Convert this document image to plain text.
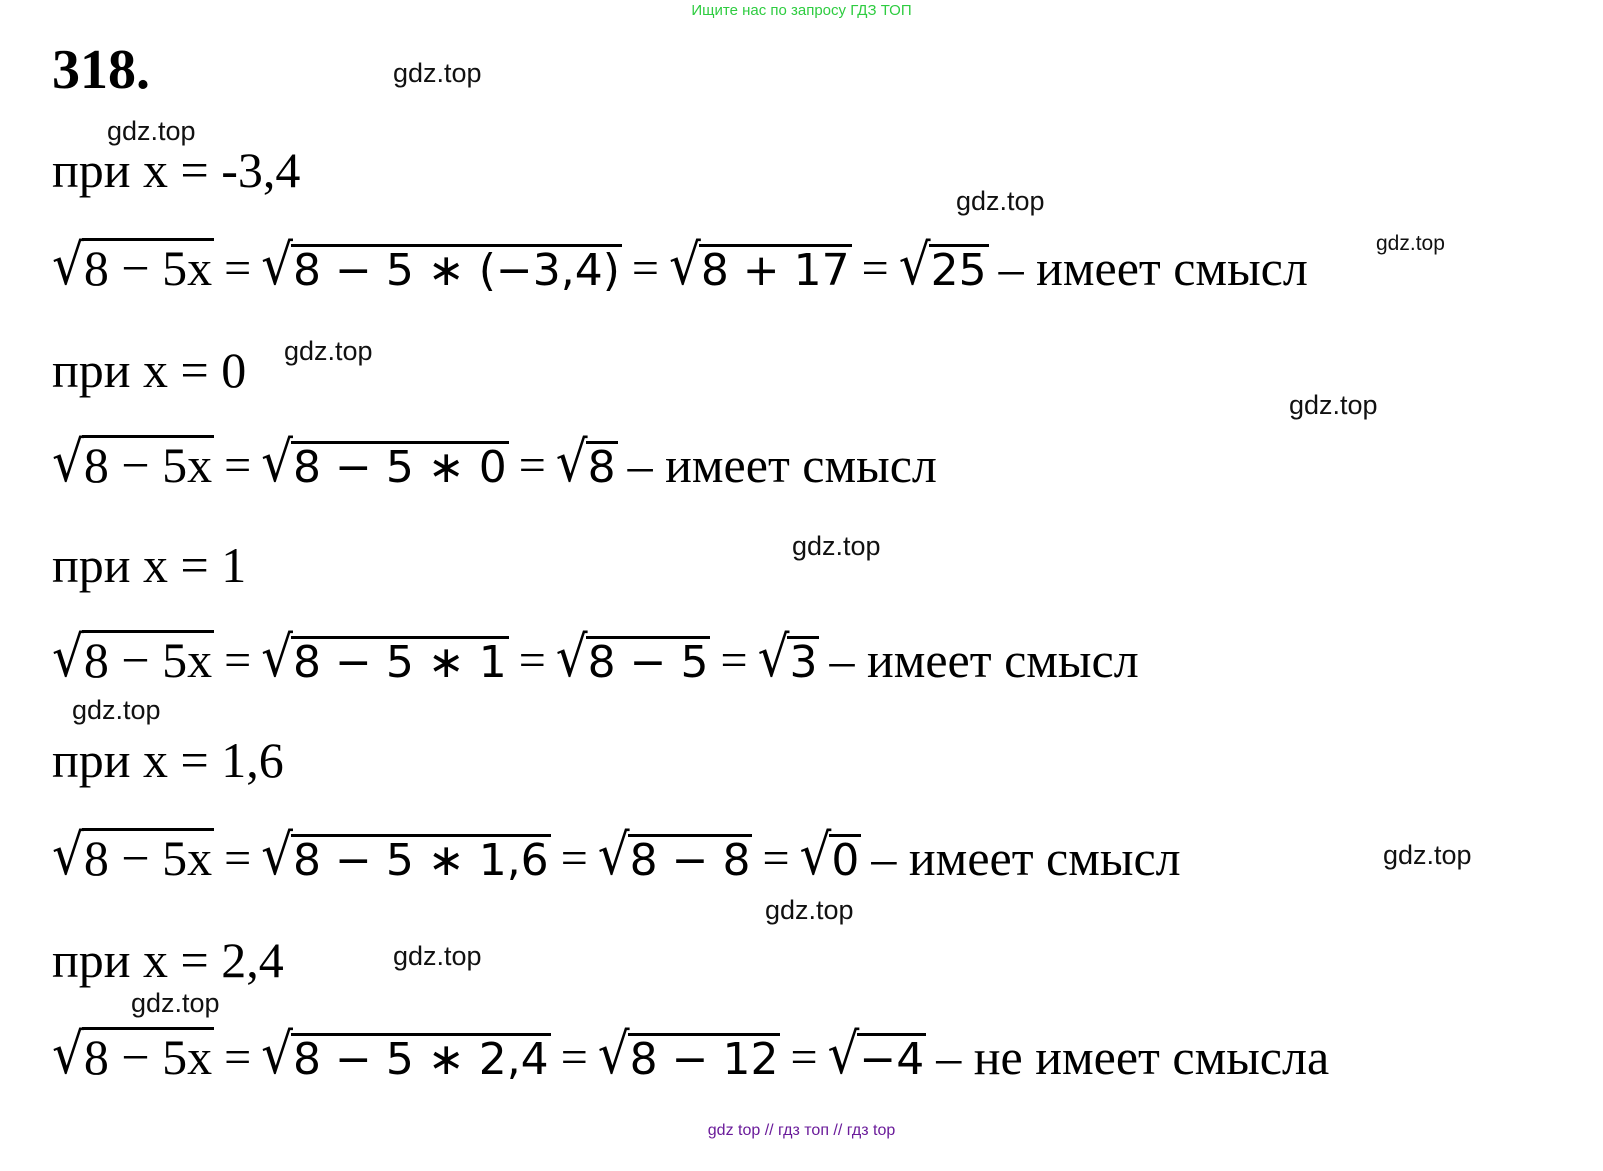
Ищите нас по запросу ГДЗ ТОП
318.	gdz.top
gdz.top
gdz.top
gdz.top
gdz.top
gdz.top
gdz.top
gdz.top
gdz.top
gdz.top
gdz.top
gdz.top
при x = -3,4
√ 8 − 5x = √ 8 − 5 ∗ (−3,4) = √ 8 + 17 = √ 25 – имеет смысл
при x = 0
√ 8 − 5x = √ 8 − 5 ∗ 0 = √ 8 – имеет смысл
при x = 1
√ 8 − 5x = √ 8 − 5 ∗ 1 = √ 8 − 5 = √ 3 – имеет смысл
при x = 1,6
√ 8 − 5x = √ 8 − 5 ∗ 1,6 = √ 8 − 8 = √ 0 – имеет смысл
при x = 2,4
√ 8 − 5x = √ 8 − 5 ∗ 2,4 = √ 8 − 12 = √ −4 – не имеет смысла
gdz top // гдз топ // гдз top
